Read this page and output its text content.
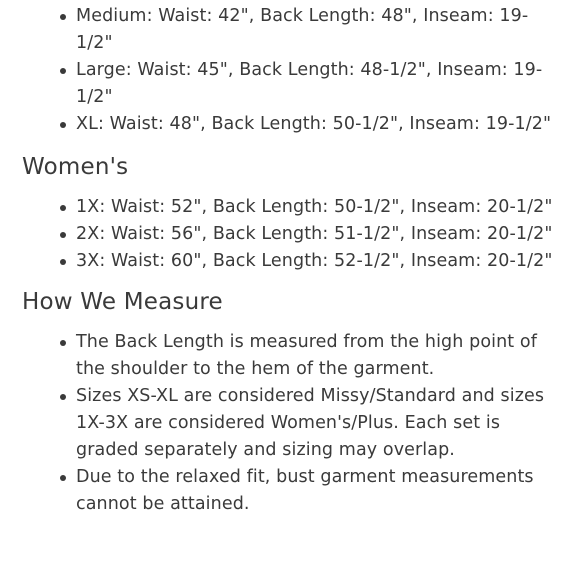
Medium: Waist: 42", Back Length: 48", Inseam: 19-1/2"
Large: Waist: 45", Back Length: 48-1/2", Inseam: 19-1/2"
XL: Waist: 48", Back Length: 50-1/2", Inseam: 19-1/2"
Women's
1X: Waist: 52", Back Length: 50-1/2", Inseam: 20-1/2"
2X: Waist: 56", Back Length: 51-1/2", Inseam: 20-1/2"
3X: Waist: 60", Back Length: 52-1/2", Inseam: 20-1/2"
How We Measure
The Back Length is measured from the high point of the shoulder to the hem of the garment.
Sizes XS-XL are considered Missy/Standard and sizes 1X-3X are considered Women's/Plus. Each set is graded separately and sizing may overlap.
Due to the relaxed fit, bust garment measurements cannot be attained.
